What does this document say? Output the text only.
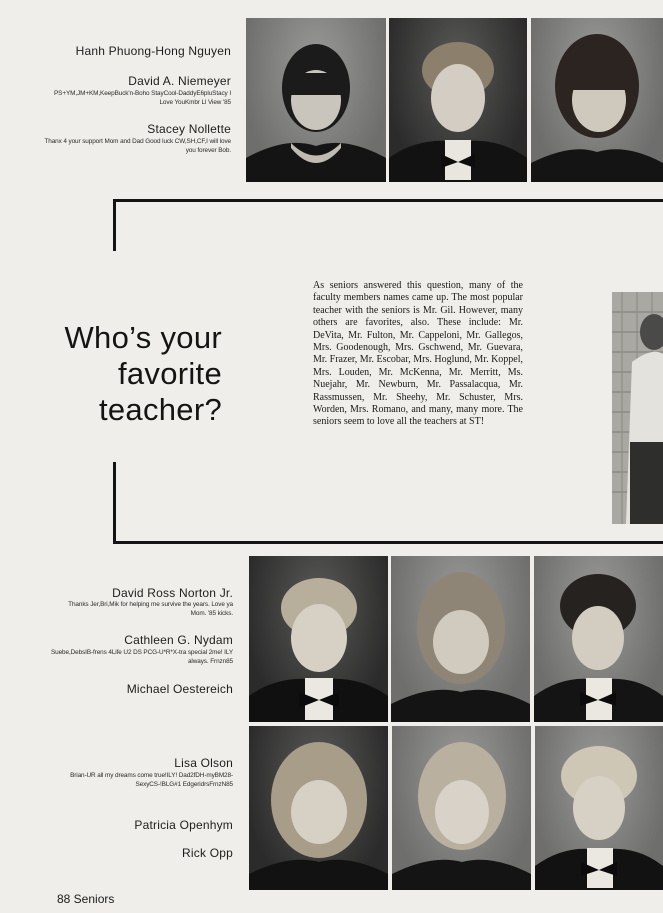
Hanh Phuong-Hong Nguyen
David A. Niemeyer
PS+YM,JM+KM,KeepBuck'n-Boho StayCool-DaddyE6pluStacy I Love YouKmbr Ll View '85
Stacey Nollette
Thanx 4 your support Mom and Dad Good luck CW,SH,CF,I will love you forever Bob.
Who’s your
favorite
teacher?
As seniors answered this question, many of the faculty members names came up. The most popular teacher with the seniors is Mr. Gil. However, many others are favorites, also. These include: Mr. DeVita, Mr. Fulton, Mr. Cappeloni, Mr. Gallegos, Mrs. Goodenough, Mrs. Gschwend, Mr. Guevara, Mr. Frazer, Mr. Escobar, Mrs. Hoglund, Mr. Koppel, Mrs. Louden, Mr. McKenna, Mr. Merritt, Ms. Nuejahr, Mr. Newburn, Mr. Passalacqua, Mr. Rassmussen, Mr. Sheehy, Mr. Schuster, Mrs. Worden, Mrs. Romano, and many, many more. The seniors seem to love all the teachers at ST!
David Ross Norton Jr.
Thanks Jer,Bri,Mik for helping me survive the years. Love ya Mom. '85 kicks.
Cathleen G. Nydam
Suebe,DebsIB-frens 4Life U2 DS PCG-U*R*X-tra special 2me! ILY always. Frnzn85
Michael Oestereich
Lisa Olson
Brian-UR all my dreams come true!ILY! Dad2fDH-myBM28-SexyCS-!BLG#1 EdgeridrsFrnzN85
Patricia Openhym
Rick Opp
88 Seniors
